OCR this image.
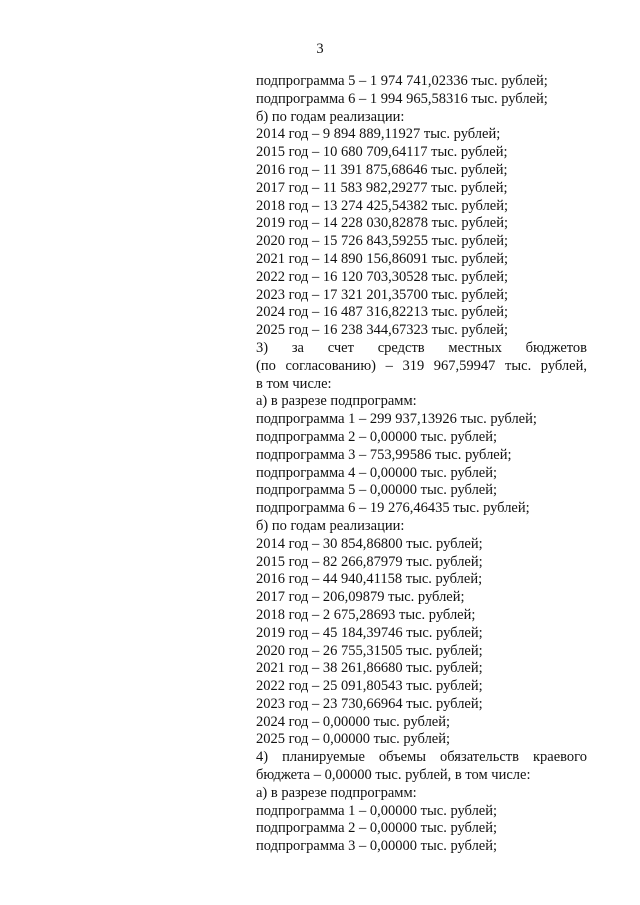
3
подпрограмма 5 – 1 974 741,02336 тыс. рублей;
подпрограмма 6 – 1 994 965,58316 тыс. рублей;
б) по годам реализации:
2014 год – 9 894 889,11927 тыс. рублей;
2015 год – 10 680 709,64117 тыс. рублей;
2016 год – 11 391 875,68646 тыс. рублей;
2017 год – 11 583 982,29277 тыс. рублей;
2018 год – 13 274 425,54382 тыс. рублей;
2019 год – 14 228 030,82878 тыс. рублей;
2020 год – 15 726 843,59255 тыс. рублей;
2021 год – 14 890 156,86091 тыс. рублей;
2022 год – 16 120 703,30528 тыс. рублей;
2023 год – 17 321 201,35700 тыс. рублей;
2024 год – 16 487 316,82213 тыс. рублей;
2025 год – 16 238 344,67323 тыс. рублей;
3) за счет средств местных бюджетов
(по согласованию) – 319 967,59947 тыс. рублей,
в том числе:
а) в разрезе подпрограмм:
подпрограмма 1 – 299 937,13926 тыс. рублей;
подпрограмма 2 – 0,00000 тыс. рублей;
подпрограмма 3 – 753,99586 тыс. рублей;
подпрограмма 4 – 0,00000 тыс. рублей;
подпрограмма 5 – 0,00000 тыс. рублей;
подпрограмма 6 – 19 276,46435 тыс. рублей;
б) по годам реализации:
2014 год – 30 854,86800 тыс. рублей;
2015 год – 82 266,87979 тыс. рублей;
2016 год – 44 940,41158 тыс. рублей;
2017 год – 206,09879 тыс. рублей;
2018 год – 2 675,28693 тыс. рублей;
2019 год – 45 184,39746 тыс. рублей;
2020 год – 26 755,31505 тыс. рублей;
2021 год – 38 261,86680 тыс. рублей;
2022 год – 25 091,80543 тыс. рублей;
2023 год – 23 730,66964 тыс. рублей;
2024 год – 0,00000 тыс. рублей;
2025 год – 0,00000 тыс. рублей;
4) планируемые объемы обязательств краевого
бюджета – 0,00000 тыс. рублей, в том числе:
а) в разрезе подпрограмм:
подпрограмма 1 – 0,00000 тыс. рублей;
подпрограмма 2 – 0,00000 тыс. рублей;
подпрограмма 3 – 0,00000 тыс. рублей;
